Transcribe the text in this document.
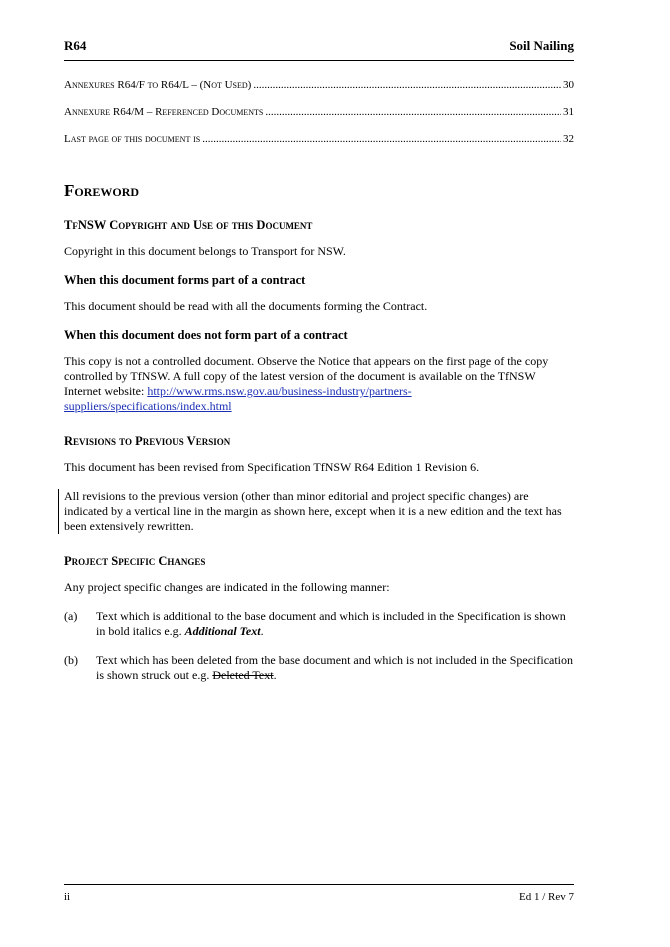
R64	Soil Nailing
Annexures R64/F to R64/L – (Not Used) .....	30
Annexure R64/M – Referenced Documents .....	31
Last page of this document is .....	32
Foreword
TfNSW Copyright and Use of this Document
Copyright in this document belongs to Transport for NSW.
When this document forms part of a contract
This document should be read with all the documents forming the Contract.
When this document does not form part of a contract
This copy is not a controlled document. Observe the Notice that appears on the first page of the copy controlled by TfNSW. A full copy of the latest version of the document is available on the TfNSW Internet website: http://www.rms.nsw.gov.au/business-industry/partners-suppliers/specifications/index.html
Revisions to Previous Version
This document has been revised from Specification TfNSW R64 Edition 1 Revision 6.
All revisions to the previous version (other than minor editorial and project specific changes) are indicated by a vertical line in the margin as shown here, except when it is a new edition and the text has been extensively rewritten.
Project Specific Changes
Any project specific changes are indicated in the following manner:
(a)	Text which is additional to the base document and which is included in the Specification is shown in bold italics e.g. Additional Text.
(b)	Text which has been deleted from the base document and which is not included in the Specification is shown struck out e.g. Deleted Text.
ii	Ed 1 / Rev 7
